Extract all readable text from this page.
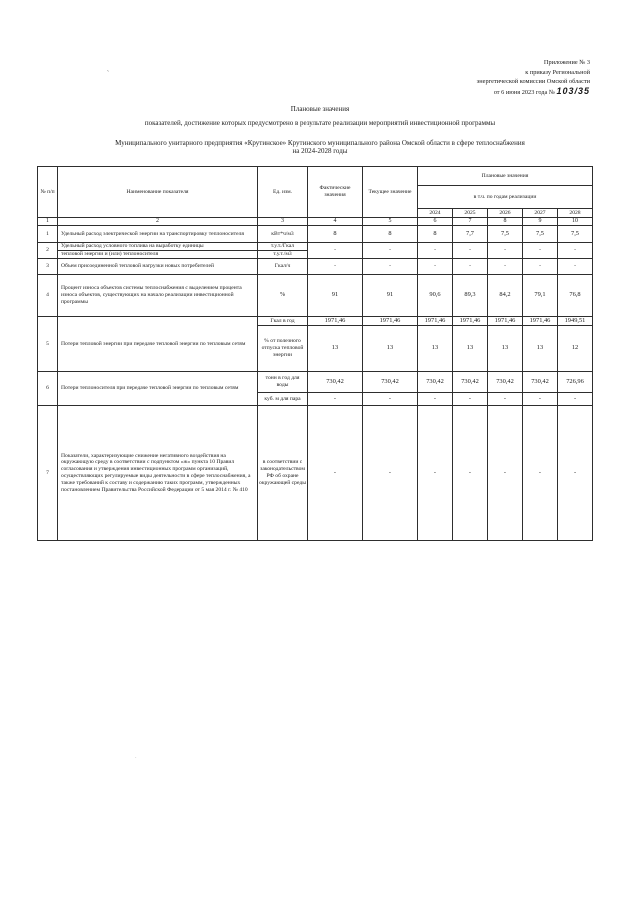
`
Приложение № 3
к приказу Региональной
энергетической комиссии Омской области
от 6 июня 2023 года № 103/35
Плановые значения
показателей, достижение которых предусмотрено в результате реализации мероприятий инвестиционной программы
Муниципального унитарного предприятия «Крутинское» Крутинского муниципального района Омской области в сфере теплоснабжения
на 2024-2028 годы
№ п/п	Наименование показателя	Ед. изм.	Фактические значения	Текущее значение	Плановые значения				
					в т.ч. по годам реализации				
					2024	2025	2026	2027	2028
1	2	3	4	5	6	7	8	9	10
1	Удельный расход электрической энергии на транспортировку теплоносителя	кВт*ч/м3	8	8	8	7,7	7,5	7,5	7,5
2	Удельный расход условного топлива на выработку единицы	т.у.т./Гкал	-	-	-	-	-	-	-
	тепловой энергии и (или) теплоносителя	т.у.т./м3							
3	Объем присоединенной тепловой нагрузки новых потребителей	Гкал/ч	-	-	-	-	-	-	-
4	Процент износа объектов системы теплоснабжения с выделением процента износа объектов, существующих на начало реализации инвестиционной программы	%	91	91	90,6	89,3	84,2	79,1	76,8
5	Потери тепловой энергии при передаче тепловой энергии по тепловым сетям	Гкал в год	1971,46	1971,46	1971,46	1971,46	1971,46	1971,46	1949,51
		% от полезного отпуска тепловой энергии	13	13	13	13	13	13	12
6	Потери теплоносителя при передаче тепловой энергии по тепловым сетям	тонн в год для воды	730,42	730,42	730,42	730,42	730,42	730,42	726,96
		куб. м для пара	-	-	-	-	-	-	-
7	Показатели, характеризующие снижение негативного воздействия на окружающую среду в соответствии с подпунктом «ж» пункта 10 Правил согласования и утверждения инвестиционных программ организаций, осуществляющих регулируемые виды деятельности в сфере теплоснабжения, а также требований к составу и содержанию таких программ, утвержденных постановлением Правительства Российской Федерации от 5 мая 2014 г. № 410	в соответствии с законодательством РФ об охране окружающей среды	-	-	-	-	-	-	-
·
